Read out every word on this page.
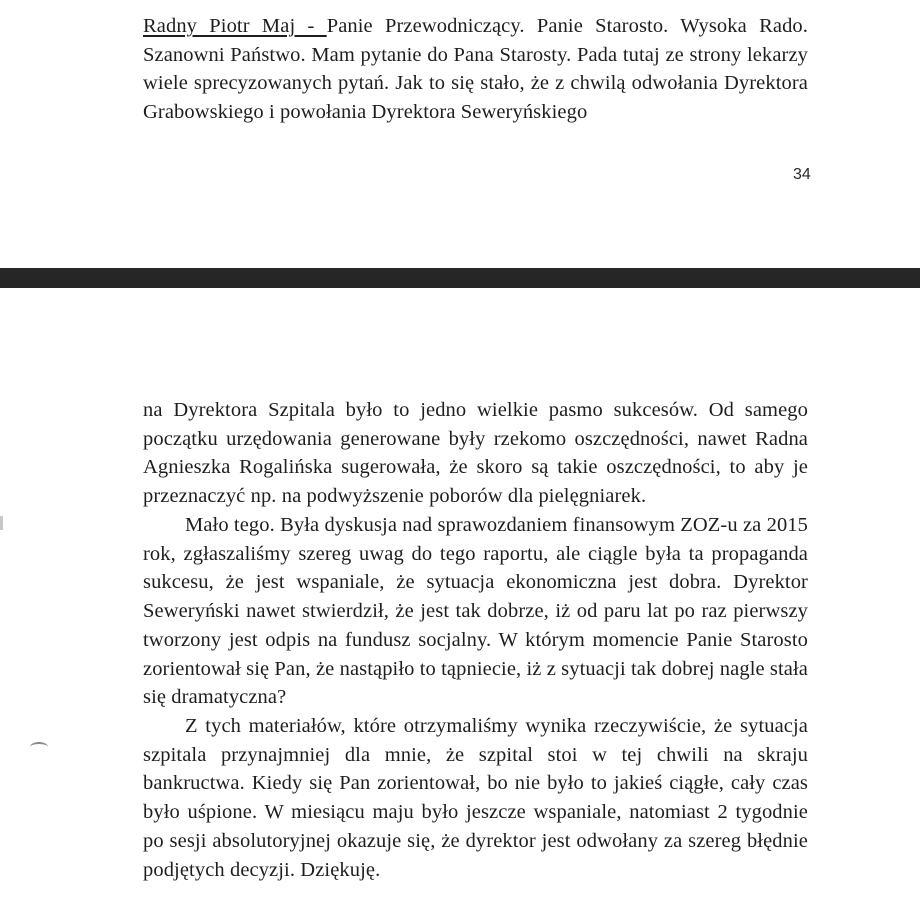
Radny Piotr Maj - Panie Przewodniczący. Panie Starosto. Wysoka Rado. Szanowni Państwo. Mam pytanie do Pana Starosty. Pada tutaj ze strony lekarzy wiele sprecyzowanych pytań. Jak to się stało, że z chwilą odwołania Dyrektora Grabowskiego i powołania Dyrektora Seweryńskiego

34

na Dyrektora Szpitala było to jedno wielkie pasmo sukcesów. Od samego początku urzędowania generowane były rzekomo oszczędności, nawet Radna Agnieszka Rogalińska sugerowała, że skoro są takie oszczędności, to aby je przeznaczyć np. na podwyższenie poborów dla pielęgniarek.

Mało tego. Była dyskusja nad sprawozdaniem finansowym ZOZ-u za 2015 rok, zgłaszaliśmy szereg uwag do tego raportu, ale ciągle była ta propaganda sukcesu, że jest wspaniale, że sytuacja ekonomiczna jest dobra. Dyrektor Seweryński nawet stwierdził, że jest tak dobrze, iż od paru lat po raz pierwszy tworzony jest odpis na fundusz socjalny. W którym momencie Panie Starosto zorientował się Pan, że nastąpiło to tąpniecie, iż z sytuacji tak dobrej nagle stała się dramatyczna?

Z tych materiałów, które otrzymaliśmy wynika rzeczywiście, że sytuacja szpitala przynajmniej dla mnie, że szpital stoi w tej chwili na skraju bankructwa. Kiedy się Pan zorientował, bo nie było to jakieś ciągłe, cały czas było uśpione. W miesiącu maju było jeszcze wspaniale, natomiast 2 tygodnie po sesji absolutoryjnej okazuje się, że dyrektor jest odwołany za szereg błędnie podjętych decyzji. Dziękuję.
